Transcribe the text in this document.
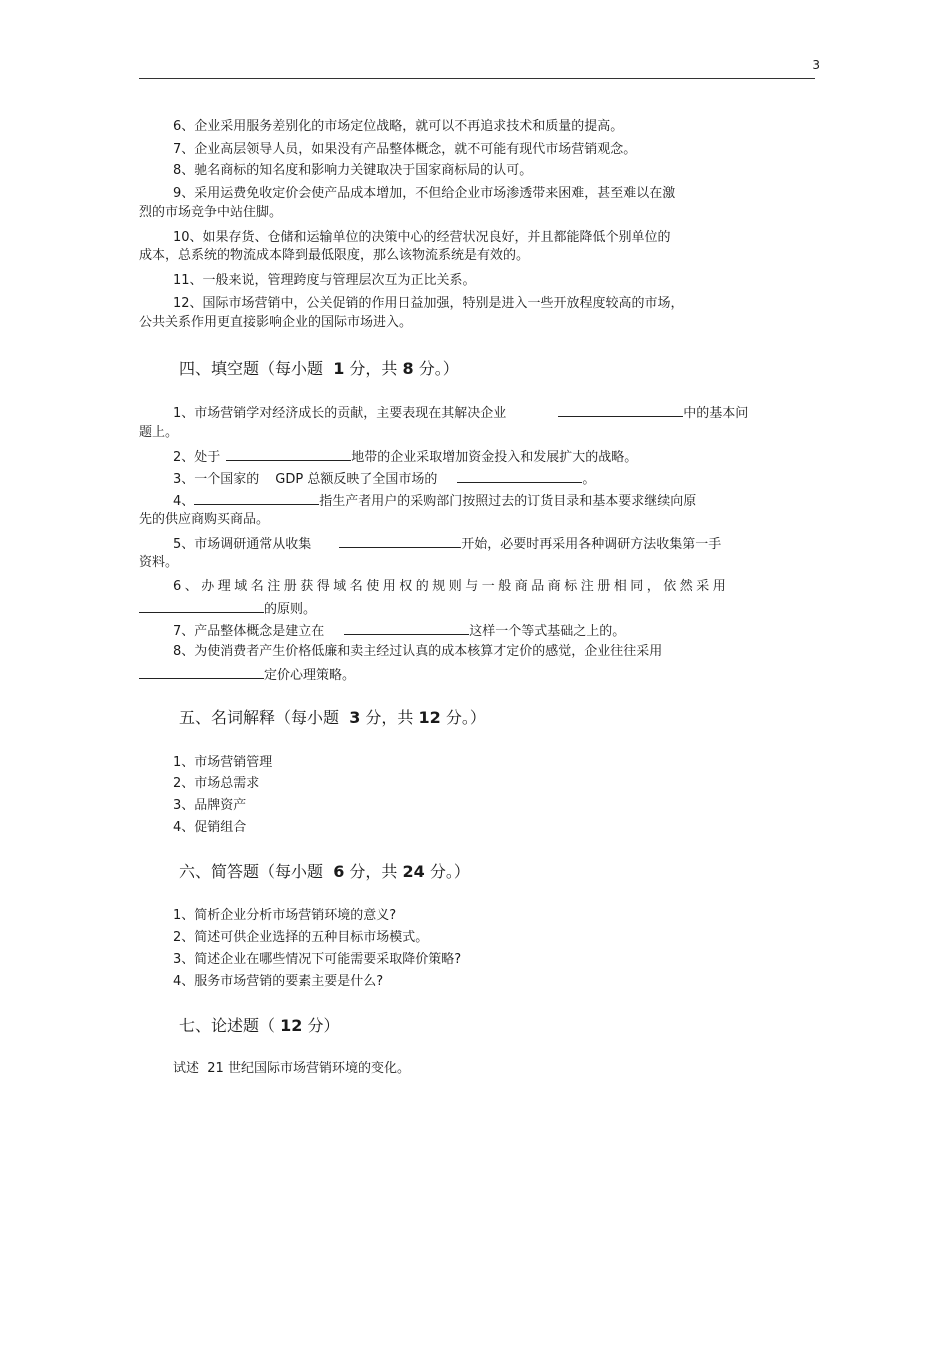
3
6、企业采用服务差别化的市场定位战略，就可以不再追求技术和质量的提高。
7、企业高层领导人员，如果没有产品整体概念，就不可能有现代市场营销观念。
8、驰名商标的知名度和影响力关键取决于国家商标局的认可。
9、采用运费免收定价会使产品成本增加，不但给企业市场渗透带来困难，甚至难以在激
烈的市场竞争中站住脚。
10、如果存货、仓储和运输单位的决策中心的经营状况良好，并且都能降低个别单位的
成本，总系统的物流成本降到最低限度，那么该物流系统是有效的。
11、一般来说，管理跨度与管理层次互为正比关系。
12、国际市场营销中，公关促销的作用日益加强，特别是进入一些开放程度较高的市场，
公共关系作用更直接影响企业的国际市场进入。
四、填空题（每小题 1 分，共 8 分。）
1、市场营销学对经济成长的贡献，主要表现在其解决企业	中的基本问
题上。
2、处于	地带的企业采取增加资金投入和发展扩大的战略。
3、一个国家的 GDP 总额反映了全国市场的	。
4、	指生产者用户的采购部门按照过去的订货目录和基本要求继续向原
先的供应商购买商品。
5、市场调研通常从收集	开始，必要时再采用各种调研方法收集第一手
资料。
6、办理域名注册获得域名使用权的规则与一般商品商标注册相同，依然采用
的原则。
7、产品整体概念是建立在	这样一个等式基础之上的。
8、为使消费者产生价格低廉和卖主经过认真的成本核算才定价的感觉，企业往往采用
定价心理策略。
五、名词解释（每小题 3 分，共 12 分。）
1、市场营销管理
2、市场总需求
3、品牌资产
4、促销组合
六、简答题（每小题 6 分，共 24 分。）
1、简析企业分析市场营销环境的意义?
2、简述可供企业选择的五种目标市场模式。
3、简述企业在哪些情况下可能需要采取降价策略?
4、服务市场营销的要素主要是什么?
七、论述题（ 12 分）
试述 21 世纪国际市场营销环境的变化。
